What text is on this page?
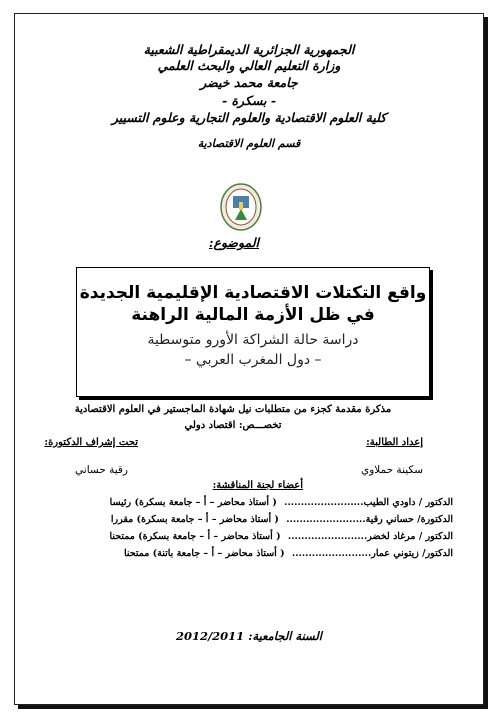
الجمهورية الجزائرية الديمقراطية الشعبية
وزارة التعليم العالي والبحث العلمي
جامعة محمد خيضر
- بسكرة -
كلية العلوم الاقتصادية والعلوم التجارية وعلوم التسيير
قسم العلوم الاقتصادية
الموضوع:
واقع التكتلات الاقتصادية الإقليمية الجديدة
في ظل الأزمة المالية الراهنة
دراسة حالة الشراكة الأورو متوسطية
– دول المغرب العربي –
مذكرة مقدمة كجزء من متطلبات نيل شهادة الماجستير في العلوم الاقتصادية
تخصـــص: اقتصاد دولي
إعداد الطالبة:
تحت إشراف الدكتورة:
سكينة حملاوي
رقية حساني
أعضاء لجنة المناقشة:
الدكتور / داودي الطيب........................ ( أستاذ محاضر – أ – جامعة بسكرة) رئيسا
الدكتورة/ حساني رقية........................ ( أستاذ محاضر – أ – جامعة بسكرة) مقررا
الدكتور / مرغاد لخضر........................ ( أستاذ محاضر – أ – جامعة بسكرة) ممتحنا
الدكتور/ زيتوني عمار........................ ( أستاذ محاضر – أ – جامعة باتنة) ممتحنا
السنة الجامعية: 2012/2011
